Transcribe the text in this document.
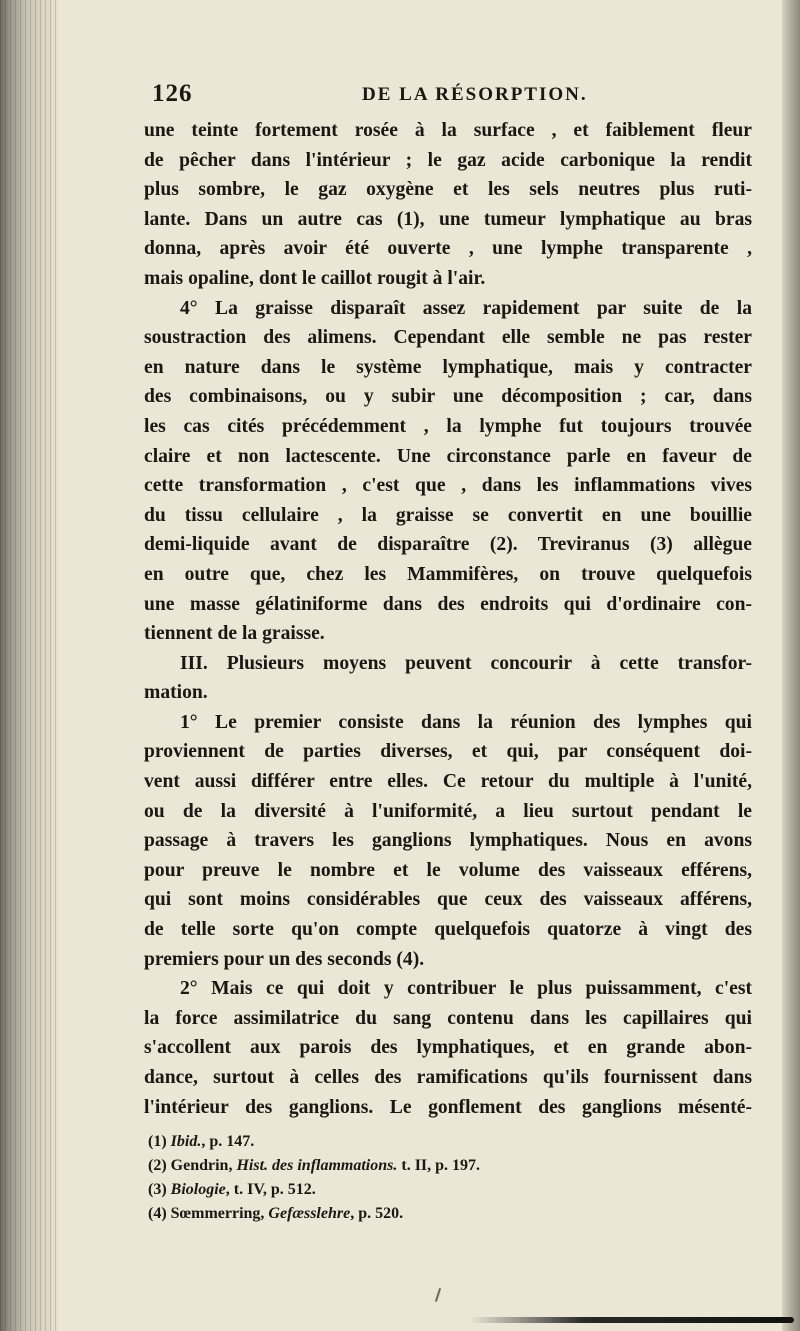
126	DE LA RÉSORPTION.
une teinte fortement rosée à la surface , et faiblement fleur
de pêcher dans l'intérieur ; le gaz acide carbonique la rendit
plus sombre, le gaz oxygène et les sels neutres plus ruti-
lante. Dans un autre cas (1), une tumeur lymphatique au bras
donna, après avoir été ouverte , une lymphe transparente ,
mais opaline, dont le caillot rougit à l'air.
4° La graisse disparaît assez rapidement par suite de la
soustraction des alimens. Cependant elle semble ne pas rester
en nature dans le système lymphatique, mais y contracter
des combinaisons, ou y subir une décomposition ; car, dans
les cas cités précédemment , la lymphe fut toujours trouvée
claire et non lactescente. Une circonstance parle en faveur de
cette transformation , c'est que , dans les inflammations vives
du tissu cellulaire , la graisse se convertit en une bouillie
demi-liquide avant de disparaître (2). Treviranus (3) allègue
en outre que, chez les Mammifères, on trouve quelquefois
une masse gélatiniforme dans des endroits qui d'ordinaire con-
tiennent de la graisse.
III. Plusieurs moyens peuvent concourir à cette transfor-
mation.
1° Le premier consiste dans la réunion des lymphes qui
proviennent de parties diverses, et qui, par conséquent doi-
vent aussi différer entre elles. Ce retour du multiple à l'unité,
ou de la diversité à l'uniformité, a lieu surtout pendant le
passage à travers les ganglions lymphatiques. Nous en avons
pour preuve le nombre et le volume des vaisseaux efférens,
qui sont moins considérables que ceux des vaisseaux afférens,
de telle sorte qu'on compte quelquefois quatorze à vingt des
premiers pour un des seconds (4).
2° Mais ce qui doit y contribuer le plus puissamment, c'est
la force assimilatrice du sang contenu dans les capillaires qui
s'accollent aux parois des lymphatiques, et en grande abon-
dance, surtout à celles des ramifications qu'ils fournissent dans
l'intérieur des ganglions. Le gonflement des ganglions mésenté-
(1) Ibid., p. 147.
(2) Gendrin, Hist. des inflammations. t. II, p. 197.
(3) Biologie, t. IV, p. 512.
(4) Sœmmerring, Gefæsslehre, p. 520.
